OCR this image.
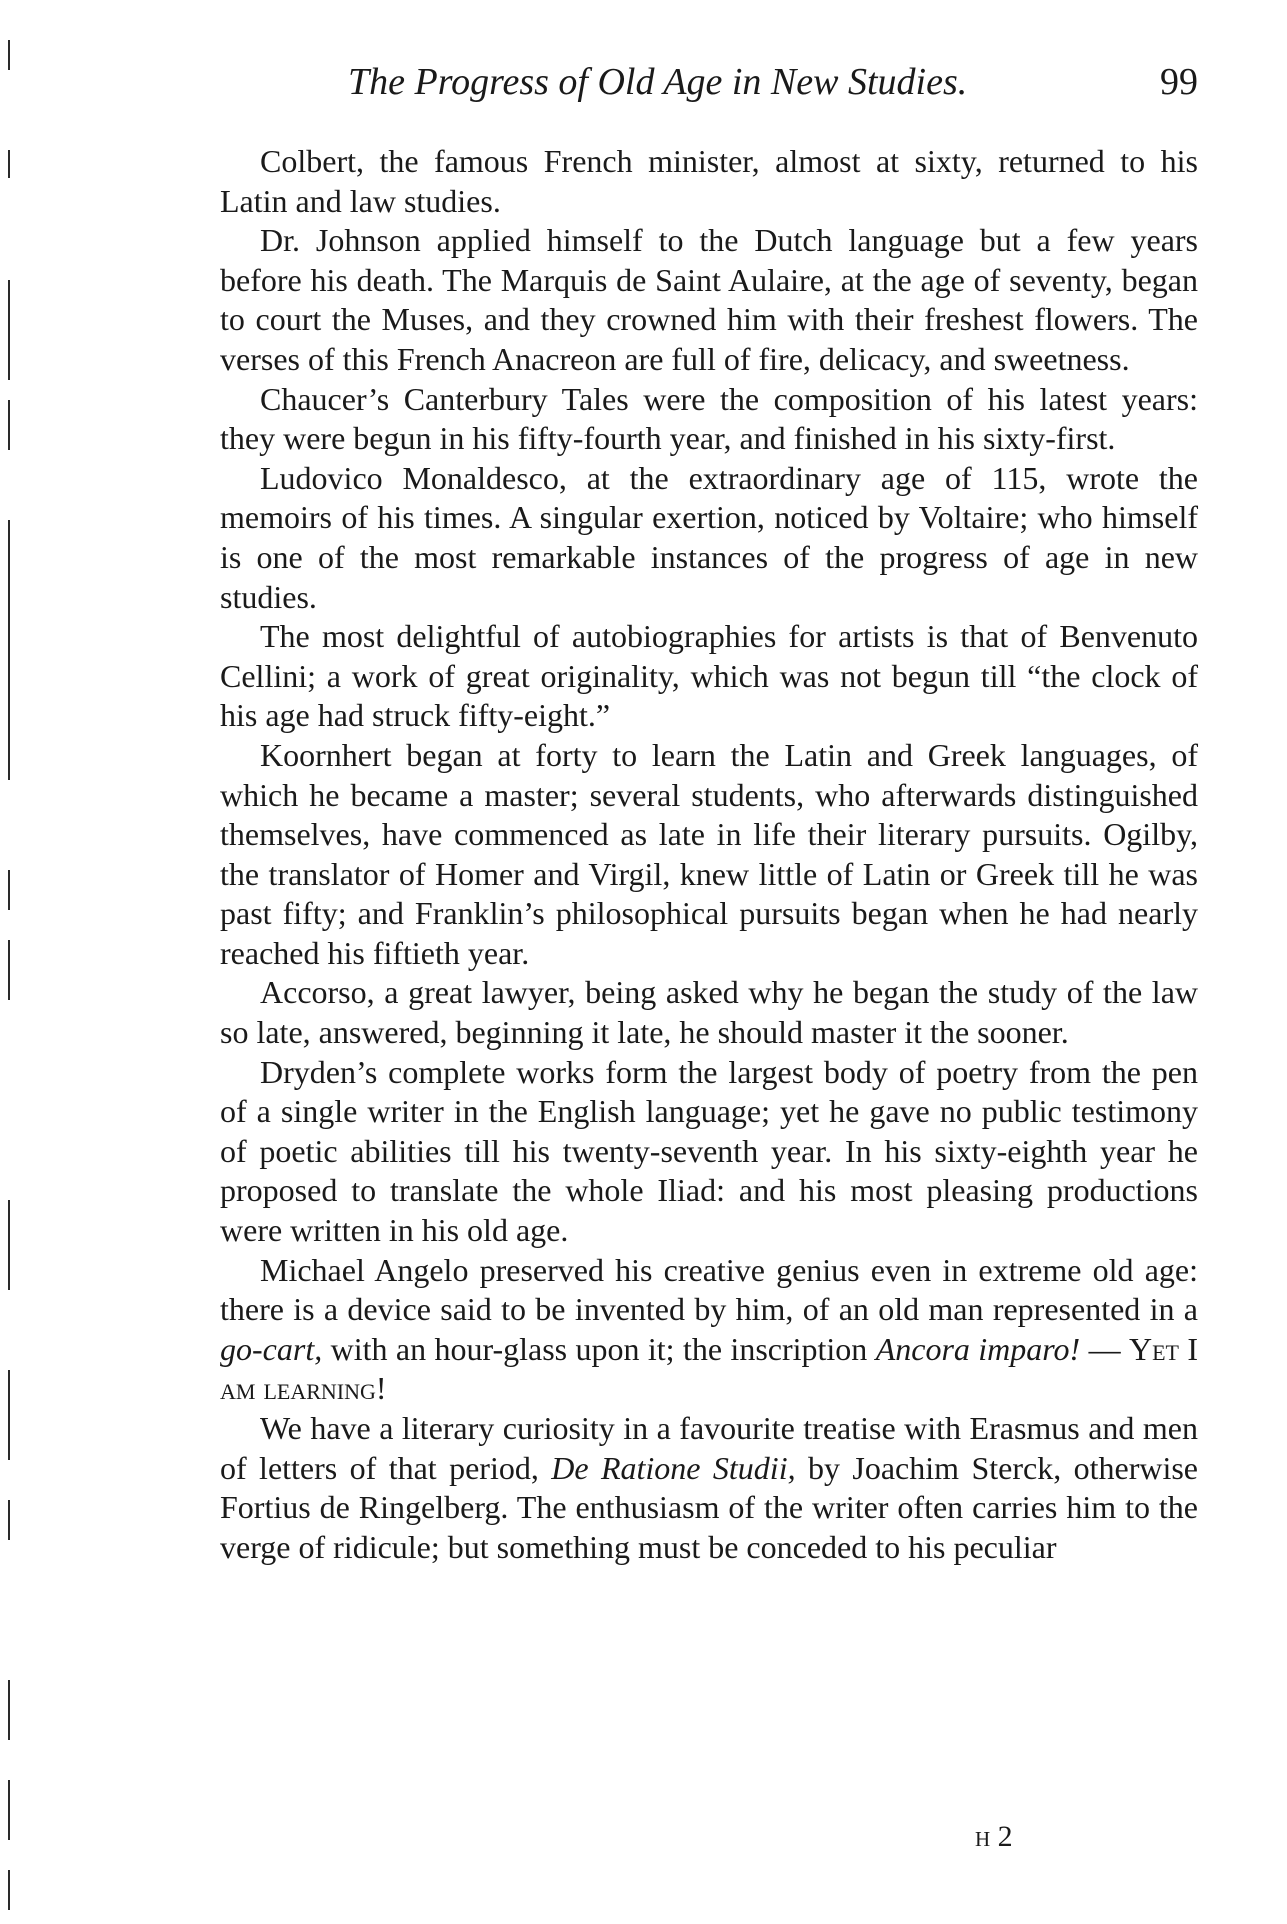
The Progress of Old Age in New Studies.	99

Colbert, the famous French minister, almost at sixty, returned to his Latin and law studies.

Dr. Johnson applied himself to the Dutch language but a few years before his death. The Marquis de Saint Aulaire, at the age of seventy, began to court the Muses, and they crowned him with their freshest flowers. The verses of this French Anacreon are full of fire, delicacy, and sweetness.

Chaucer’s Canterbury Tales were the composition of his latest years: they were begun in his fifty-fourth year, and finished in his sixty-first.

Ludovico Monaldesco, at the extraordinary age of 115, wrote the memoirs of his times. A singular exertion, noticed by Voltaire; who himself is one of the most remarkable instances of the progress of age in new studies.

The most delightful of autobiographies for artists is that of Benvenuto Cellini; a work of great originality, which was not begun till “the clock of his age had struck fifty-eight.”

Koornhert began at forty to learn the Latin and Greek languages, of which he became a master; several students, who afterwards distinguished themselves, have commenced as late in life their literary pursuits. Ogilby, the translator of Homer and Virgil, knew little of Latin or Greek till he was past fifty; and Franklin’s philosophical pursuits began when he had nearly reached his fiftieth year.

Accorso, a great lawyer, being asked why he began the study of the law so late, answered, beginning it late, he should master it the sooner.

Dryden’s complete works form the largest body of poetry from the pen of a single writer in the English language; yet he gave no public testimony of poetic abilities till his twenty-seventh year. In his sixty-eighth year he proposed to translate the whole Iliad: and his most pleasing productions were written in his old age.

Michael Angelo preserved his creative genius even in extreme old age: there is a device said to be invented by him, of an old man represented in a go-cart, with an hour-glass upon it; the inscription Ancora imparo! — Yet I am learning!

We have a literary curiosity in a favourite treatise with Erasmus and men of letters of that period, De Ratione Studii, by Joachim Sterck, otherwise Fortius de Ringelberg. The enthusiasm of the writer often carries him to the verge of ridicule; but something must be conceded to his peculiar

h 2
